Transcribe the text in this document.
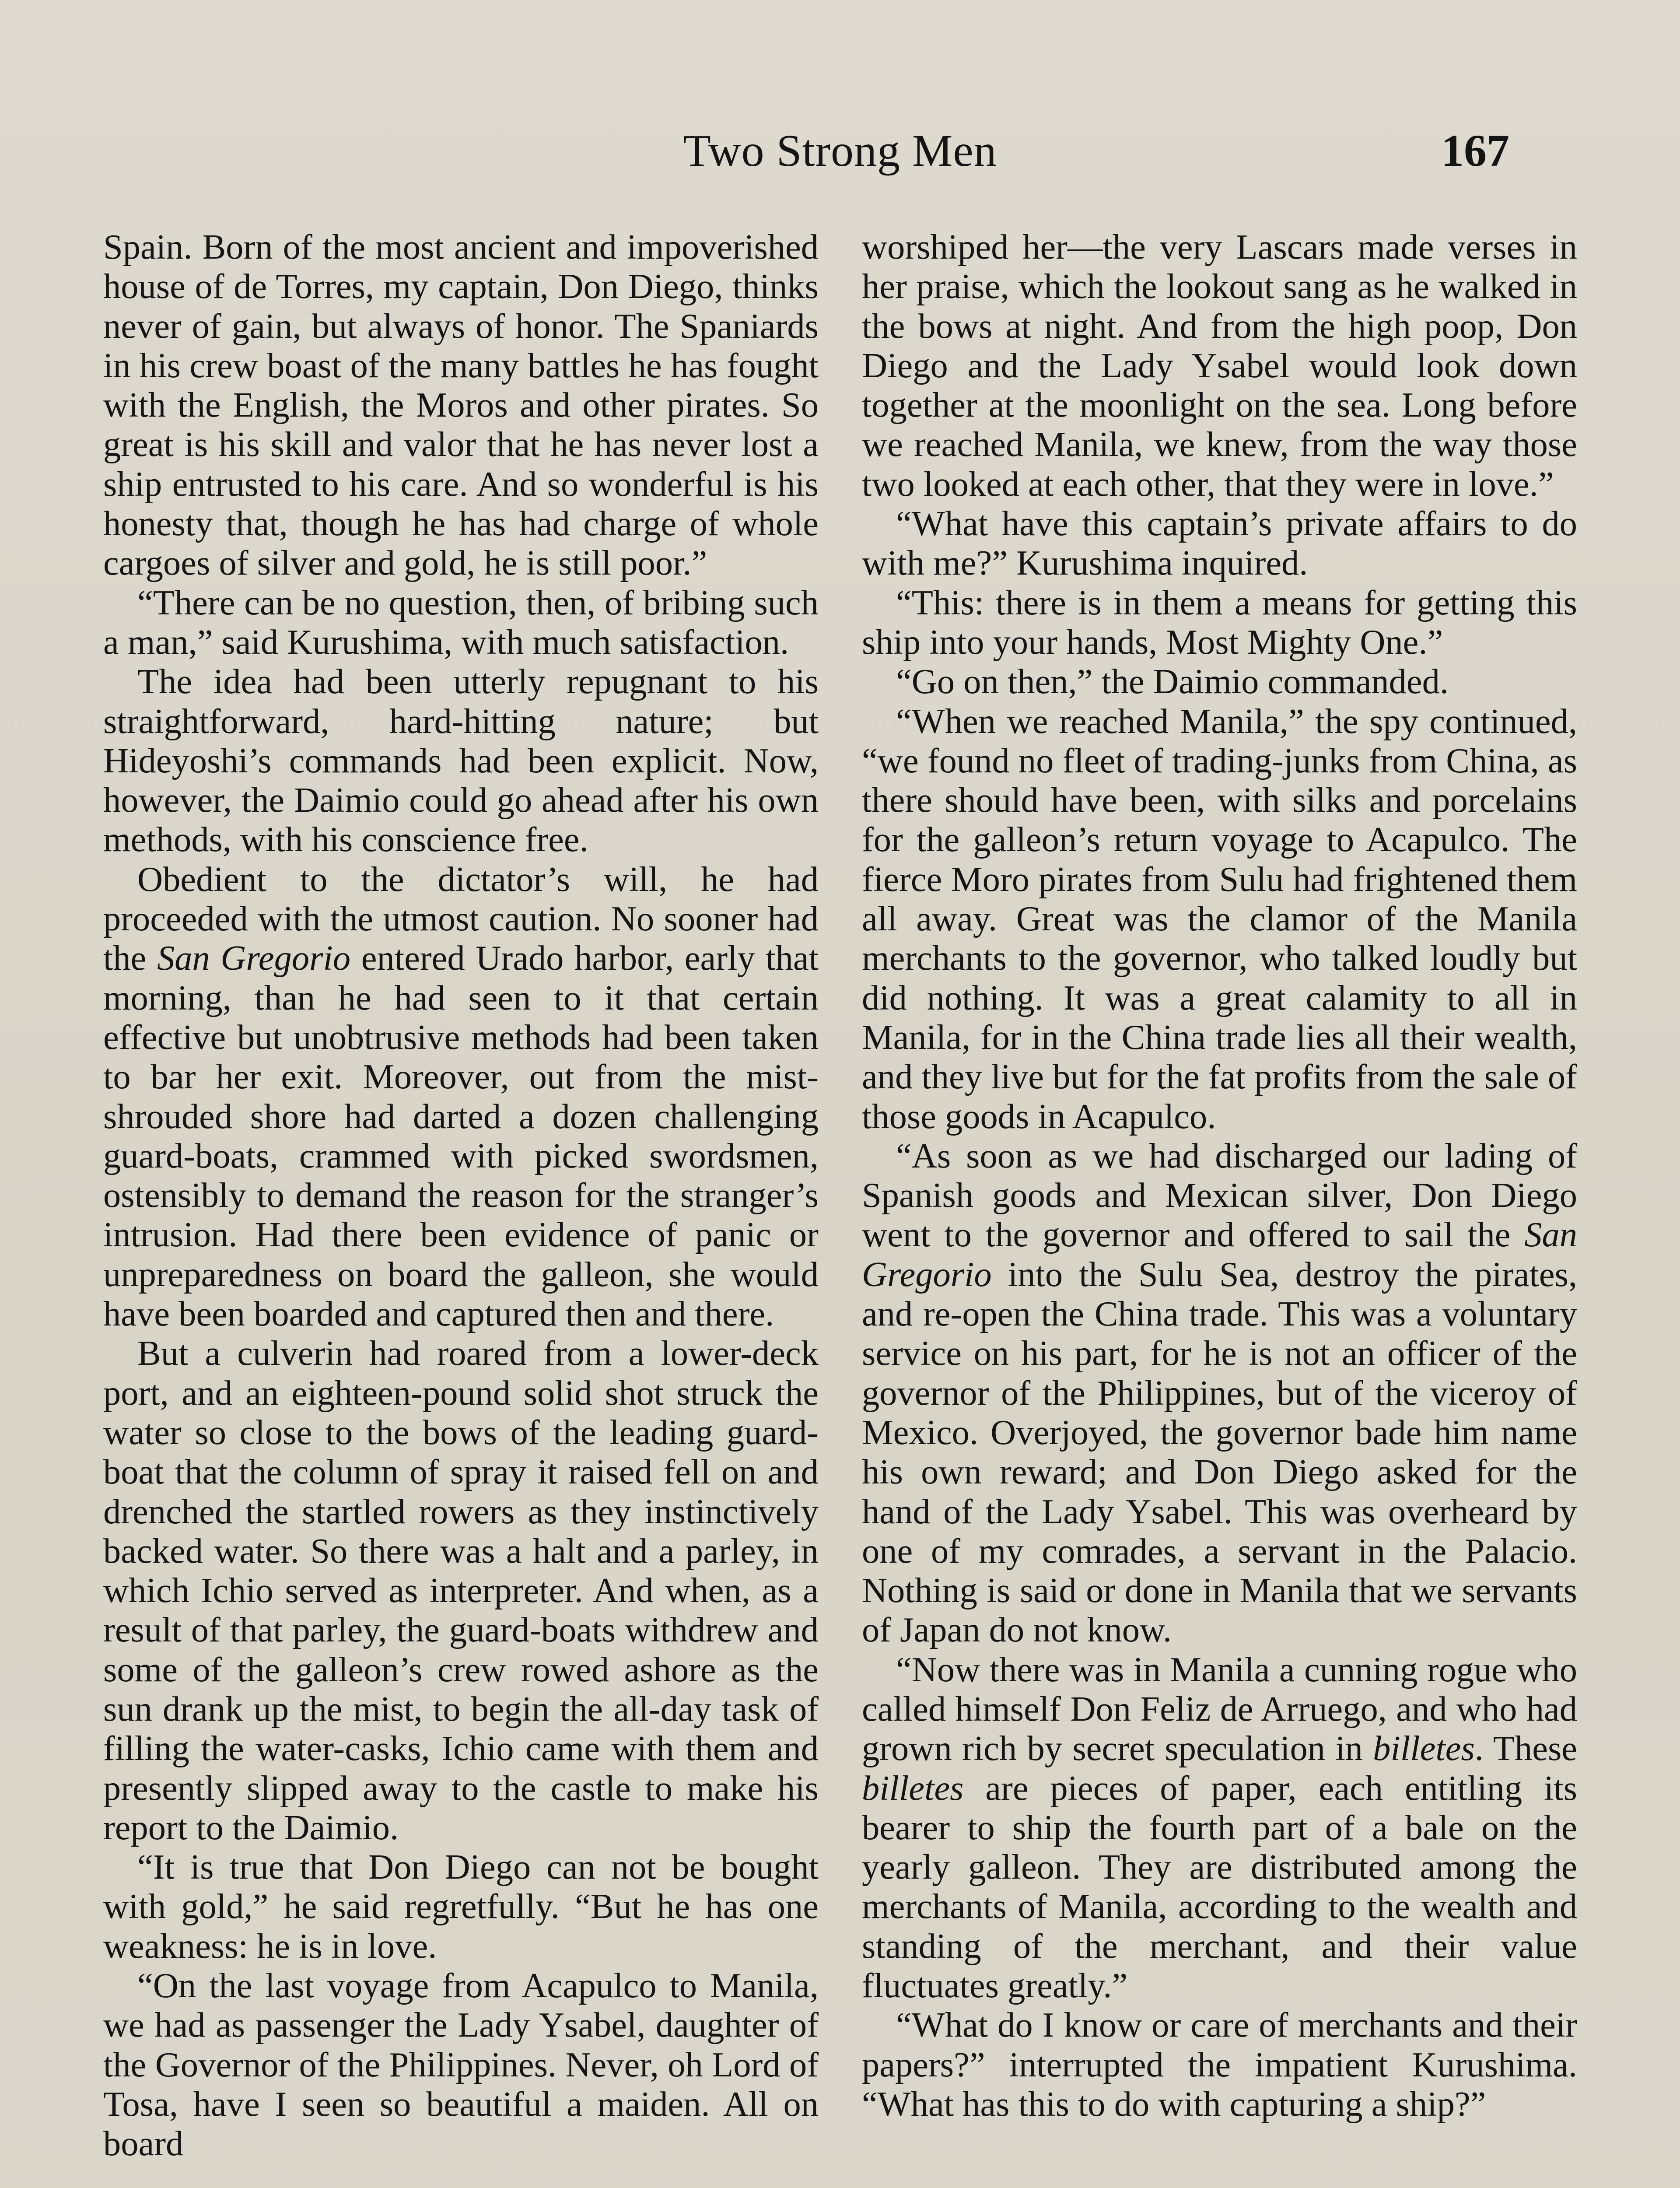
Two Strong Men	167

Spain. Born of the most ancient and impoverished house of de Torres, my captain, Don Diego, thinks never of gain, but always of honor. The Spaniards in his crew boast of the many battles he has fought with the English, the Moros and other pirates. So great is his skill and valor that he has never lost a ship entrusted to his care. And so wonderful is his honesty that, though he has had charge of whole cargoes of silver and gold, he is still poor.”

“There can be no question, then, of bribing such a man,” said Kurushima, with much satisfaction.

The idea had been utterly repugnant to his straightforward, hard-hitting nature; but Hideyoshi’s commands had been explicit. Now, however, the Daimio could go ahead after his own methods, with his conscience free.

Obedient to the dictator’s will, he had proceeded with the utmost caution. No sooner had the San Gregorio entered Urado harbor, early that morning, than he had seen to it that certain effective but unobtrusive methods had been taken to bar her exit. Moreover, out from the mist-shrouded shore had darted a dozen challenging guard-boats, crammed with picked swordsmen, ostensibly to demand the reason for the stranger’s intrusion. Had there been evidence of panic or unpreparedness on board the galleon, she would have been boarded and captured then and there.

But a culverin had roared from a lower-deck port, and an eighteen-pound solid shot struck the water so close to the bows of the leading guard-boat that the column of spray it raised fell on and drenched the startled rowers as they instinctively backed water. So there was a halt and a parley, in which Ichio served as interpreter. And when, as a result of that parley, the guard-boats withdrew and some of the galleon’s crew rowed ashore as the sun drank up the mist, to begin the all-day task of filling the water-casks, Ichio came with them and presently slipped away to the castle to make his report to the Daimio.

“It is true that Don Diego can not be bought with gold,” he said regretfully. “But he has one weakness: he is in love.

“On the last voyage from Acapulco to Manila, we had as passenger the Lady Ysabel, daughter of the Governor of the Philippines. Never, oh Lord of Tosa, have I seen so beautiful a maiden. All on board

worshiped her—the very Lascars made verses in her praise, which the lookout sang as he walked in the bows at night. And from the high poop, Don Diego and the Lady Ysabel would look down together at the moonlight on the sea. Long before we reached Manila, we knew, from the way those two looked at each other, that they were in love.”

“What have this captain’s private affairs to do with me?” Kurushima inquired.

“This: there is in them a means for getting this ship into your hands, Most Mighty One.”

“Go on then,” the Daimio commanded.

“When we reached Manila,” the spy continued, “we found no fleet of trading-junks from China, as there should have been, with silks and porcelains for the galleon’s return voyage to Acapulco. The fierce Moro pirates from Sulu had frightened them all away. Great was the clamor of the Manila merchants to the governor, who talked loudly but did nothing. It was a great calamity to all in Manila, for in the China trade lies all their wealth, and they live but for the fat profits from the sale of those goods in Acapulco.

“As soon as we had discharged our lading of Spanish goods and Mexican silver, Don Diego went to the governor and offered to sail the San Gregorio into the Sulu Sea, destroy the pirates, and re-open the China trade. This was a voluntary service on his part, for he is not an officer of the governor of the Philippines, but of the viceroy of Mexico. Overjoyed, the governor bade him name his own reward; and Don Diego asked for the hand of the Lady Ysabel. This was overheard by one of my comrades, a servant in the Palacio. Nothing is said or done in Manila that we servants of Japan do not know.

“Now there was in Manila a cunning rogue who called himself Don Feliz de Arruego, and who had grown rich by secret speculation in billetes. These billetes are pieces of paper, each entitling its bearer to ship the fourth part of a bale on the yearly galleon. They are distributed among the merchants of Manila, according to the wealth and standing of the merchant, and their value fluctuates greatly.”

“What do I know or care of merchants and their papers?” interrupted the impatient Kurushima. “What has this to do with capturing a ship?”
